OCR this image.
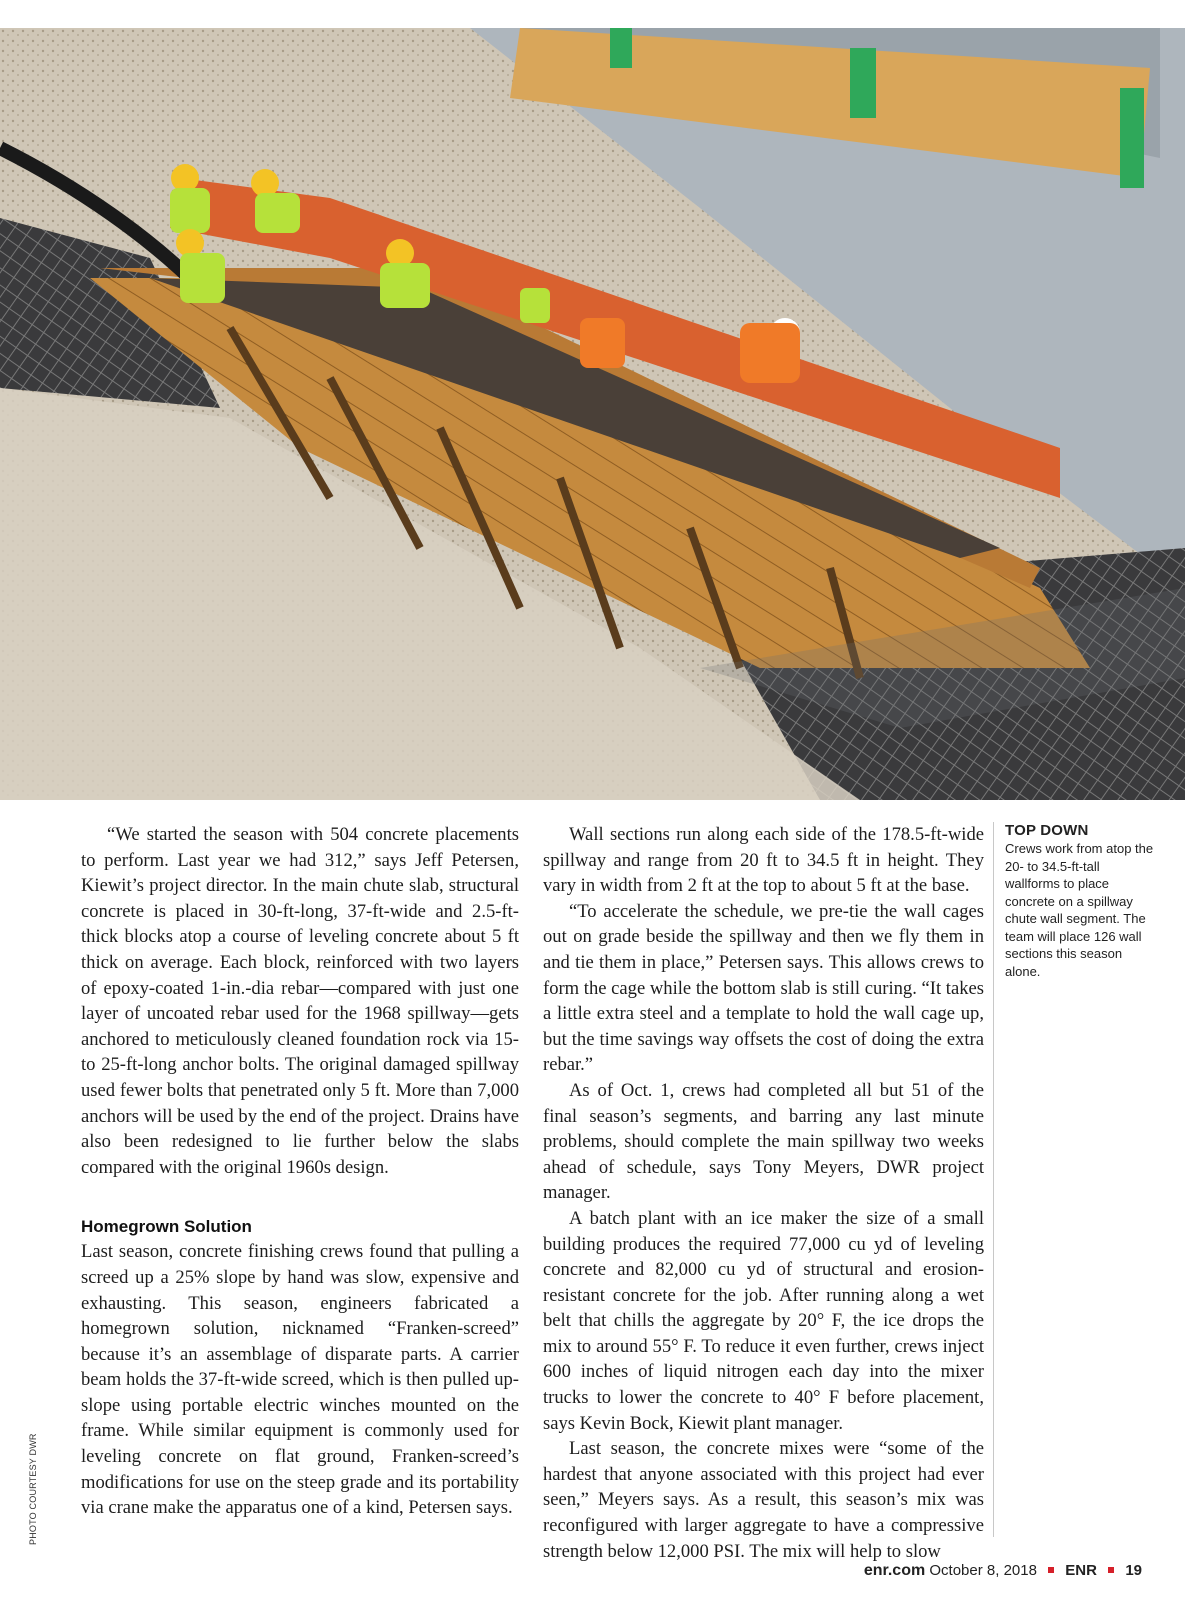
PHOTO COURTESY DWR

“We started the season with 504 concrete placements to perform. Last year we had 312,” says Jeff Petersen, Kiewit’s project director. In the main chute slab, structural concrete is placed in 30-ft-long, 37-ft-wide and 2.5-ft-thick blocks atop a course of leveling concrete about 5 ft thick on average. Each block, reinforced with two layers of epoxy-coated 1-in.-dia rebar—compared with just one layer of uncoated rebar used for the 1968 spillway—gets anchored to meticulously cleaned foundation rock via 15- to 25-ft-long anchor bolts. The original damaged spillway used fewer bolts that penetrated only 5 ft. More than 7,000 anchors will be used by the end of the project. Drains have also been redesigned to lie further below the slabs compared with the original 1960s design.

Homegrown Solution

Last season, concrete finishing crews found that pulling a screed up a 25% slope by hand was slow, expensive and exhausting. This season, engineers fabricated a homegrown solution, nicknamed “Franken-screed” because it’s an assemblage of disparate parts. A carrier beam holds the 37-ft-wide screed, which is then pulled up-slope using portable electric winches mounted on the frame. While similar equipment is commonly used for leveling concrete on flat ground, Franken-screed’s modifications for use on the steep grade and its portability via crane make the apparatus one of a kind, Petersen says.

Wall sections run along each side of the 178.5-ft-wide spillway and range from 20 ft to 34.5 ft in height. They vary in width from 2 ft at the top to about 5 ft at the base.

“To accelerate the schedule, we pre-tie the wall cages out on grade beside the spillway and then we fly them in and tie them in place,” Petersen says. This allows crews to form the cage while the bottom slab is still curing. “It takes a little extra steel and a template to hold the wall cage up, but the time savings way offsets the cost of doing the extra rebar.”

As of Oct. 1, crews had completed all but 51 of the final season’s segments, and barring any last minute problems, should complete the main spillway two weeks ahead of schedule, says Tony Meyers, DWR project manager.

A batch plant with an ice maker the size of a small building produces the required 77,000 cu yd of leveling concrete and 82,000 cu yd of structural and erosion-resistant concrete for the job. After running along a wet belt that chills the aggregate by 20° F, the ice drops the mix to around 55° F. To reduce it even further, crews inject 600 inches of liquid nitrogen each day into the mixer trucks to lower the concrete to 40° F before placement, says Kevin Bock, Kiewit plant manager.

Last season, the concrete mixes were “some of the hardest that anyone associated with this project had ever seen,” Meyers says. As a result, this season’s mix was reconfigured with larger aggregate to have a compressive strength below 12,000 PSI. The mix will help to slow

TOP DOWN
Crews work from atop the 20- to 34.5-ft-tall wallforms to place concrete on a spillway chute wall segment. The team will place 126 wall sections this season alone.
enr.com October 8, 2018 ENR 19
